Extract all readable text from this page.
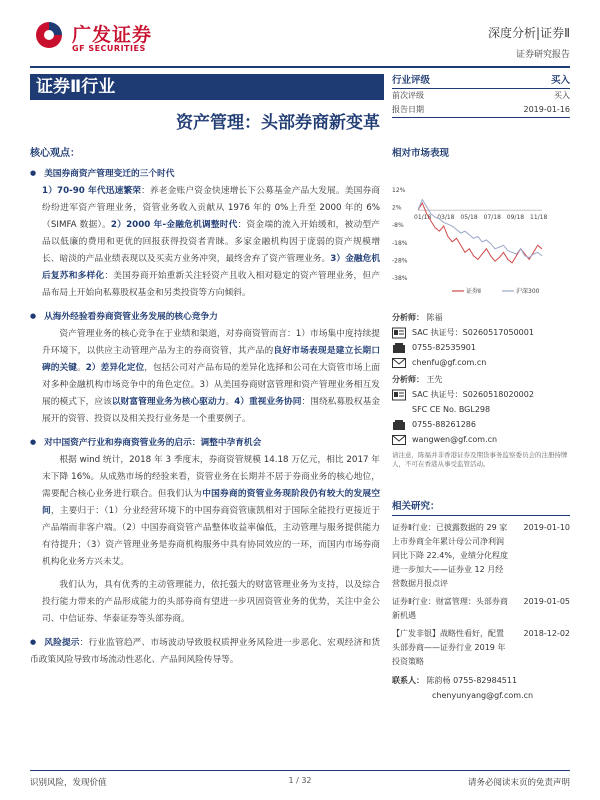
广发证券
GF SECURITIES
深度分析|证券Ⅱ
证券研究报告
证券Ⅱ行业
资产管理：头部券商新变革
核心观点：
● 美国券商资产管理变迁的三个时代
1）70-90 年代迅速繁荣：养老金账户资金快速增长下公募基金产品大发展。美国券商纷纷进军资产管理业务，资管业务收入贡献从 1976 年的 0%上升至 2000 年的 6%（SIMFA 数据）。2）2000 年-金融危机调整时代：资金端的流入开始缓和，被动型产品以低廉的费用和更优的回报获得投资者青睐。多家金融机构因于庞弱的资产规模增长、暗淡的产品业绩表现以及买卖方业务冲突，最终舍弃了资产管理业务。3）金融危机后复苏和多样化：美国券商开始重新关注轻资产且收入相对稳定的资产管理业务，但产品布局上开始向私募股权基金和另类投资等方向倾斜。
● 从海外经验看券商资管业务发展的核心竞争力
资产管理业务的核心竞争在于业绩和渠道，对券商资管而言：1）市场集中度持续提升环境下，以供应主动管理产品为主的券商资管，其产品的良好市场表现是建立长期口碑的关键。2）差异化定位，包括公司对产品布局的差异化选择和公司在大资管市场上面对多种金融机构市场竞争中的角色定位。3）从美国券商财富管理和资产管理业务相互发展的模式下，应该以财富管理业务为核心驱动力。4）重视业务协同：围绕私募股权基金展开的资管、投资以及相关投行业务是一个重要例子。
● 对中国资产行业和券商资管业务的启示：调整中孕育机会
根据 wind 统计，2018 年 3 季度末，券商资管规模 14.18 万亿元，相比 2017 年末下降 16%。从成熟市场的经验来看，资管业务在长期并不居于券商业务的核心地位，需要配合核心业务进行联合。但我们认为中国券商的资管业务现阶段仍有较大的发展空间，主要归于：（1）分业经营环境下的中国券商资管康凯相对于国际全能投行更接近于产品端而非客户端。（2）中国券商资管产品整体收益率偏低，主动管理与服务提供能力有待提升；（3）资产管理业务是券商机构服务中具有协同效应的一环，而国内市场券商机构化业务方兴未艾。
我们认为，具有优秀的主动管理能力，依托强大的财富管理业务为支持，以及综合投行能力带来的产品形成能力的头部券商有望进一步巩固资管业务的优势，关注中金公司、中信证券、华泰证券等头部券商。
● 风险提示：行业监管趋严、市场波动导致股权质押业务风险进一步恶化、宏观经济和货币政策风险导致市场流动性恶化、产品间风险传导等。
行业评级	买入
前次评级	买入
报告日期	2019-01-16
相对市场表现
12%
2%
-8%
-18%
-28%
-38%
01/18 03/18 05/18 07/18 09/18 11/18
证券Ⅱ	沪深300
分析师： 陈福
SAC 执证号：S0260517050001
0755-82535901
chenfu@gf.com.cn
分析师： 王先
SAC 执证号：S0260518020002
SFC CE No. BGL298
0755-88261286
wangwen@gf.com.cn
请注意，陈福并非香港证券及期货事务监察委员会的注册持牌人，不可在香港从事受监管活动。
相关研究：
证券Ⅱ行业：已披露数据的 29 家上市券商全年累计母公司净利润同比下降 22.4%，业绩分化程度进一步加大——证券业 12 月经营数据月报点评
2019-01-10
证券Ⅱ行业：财富管理：头部券商新机遇
2019-01-05
【广发非银】战略性看好，配置头部券商——证券行业 2019 年投资策略
2018-12-02
联系人： 陈韵杨 0755-82984511
chenyunyang@gf.com.cn
识别风险，发现价值	1 / 32	请务必阅读末页的免责声明
